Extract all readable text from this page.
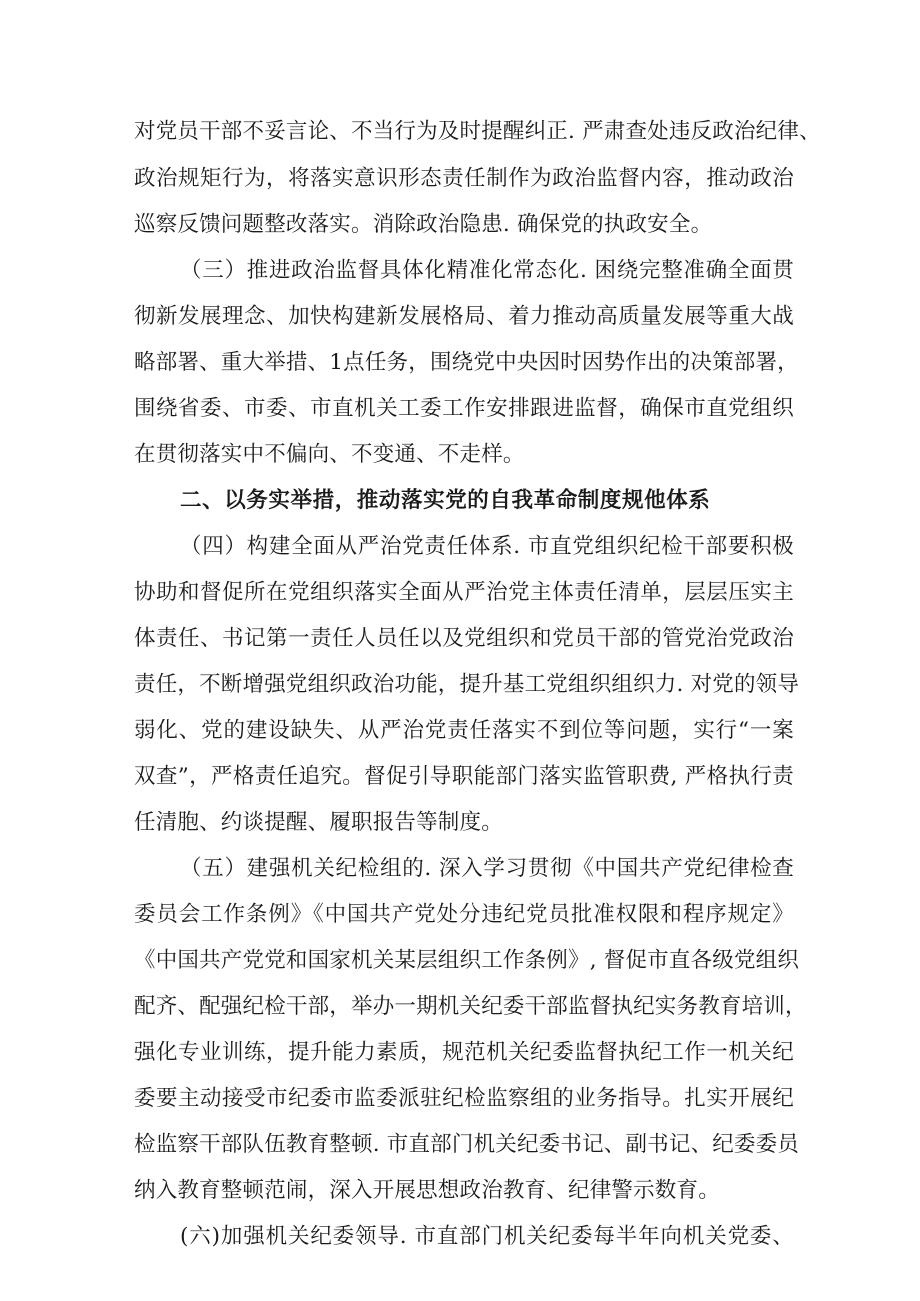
对党员干部不妥言论、不当行为及时提醒纠正. 严肃查处违反政治纪律、
政治规矩行为，将落实意识形态责任制作为政治监督内容，推动政治
巡察反馈问题整改落实。消除政治隐患. 确保党的执政安全。
（三）推进政治监督具体化精准化常态化. 困绕完整准确全面贯
彻新发展理念、加快构建新发展格局、着力推动高质量发展等重大战
略部署、重大举措、1点任务，围绕党中央因时因势作出的决策部署，
围绕省委、市委、市直机关工委工作安排跟进监督，确保市直党组织
在贯彻落实中不偏向、不变通、不走样。
二、以务实举措，推动落实党的自我革命制度规他体系
（四）构建全面从严治党责任体系. 市直党组织纪检干部要积极
协助和督促所在党组织落实全面从严治党主体责任清单，层层压实主
体责任、书记第一责任人员任以及党组织和党员干部的管党治党政治
责任，不断增强党组织政治功能，提升基工党组织组织力. 对党的领导
弱化、党的建设缺失、从严治党责任落实不到位等问题，实行“一案
双查”，严格责任追究。督促引导职能部门落实监管职费, 严格执行责
任清胞、约谈提醒、履职报告等制度。
（五）建强机关纪检组的. 深入学习贯彻《中国共产党纪律检查
委员会工作条例》《中国共产党处分违纪党员批准权限和程序规定》
《中国共产党党和国家机关某层组织工作条例》, 督促市直各级党组织
配齐、配强纪检干部，举办一期机关纪委干部监督执纪实务教育培训，
强化专业训练，提升能力素质，规范机关纪委监督执纪工作一机关纪
委要主动接受市纪委市监委派驻纪检监察组的业务指导。扎实开展纪
检监察干部队伍教育整顿. 市直部门机关纪委书记、副书记、纪委委员
纳入教育整顿范闹，深入开展思想政治教育、纪律警示数育。
(六)加强机关纪委领导. 市直部门机关纪委每半年向机关党委、
